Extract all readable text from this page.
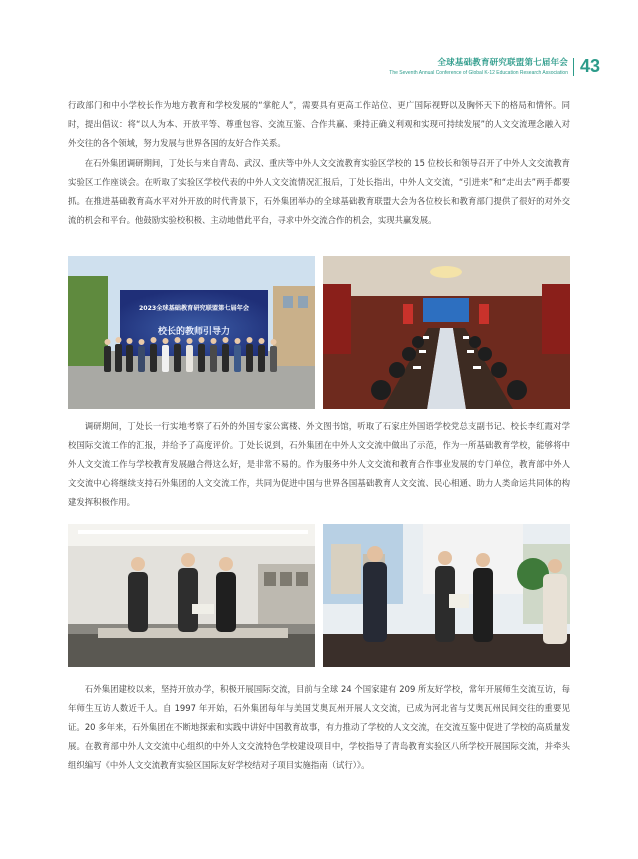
全球基础教育研究联盟第七届年会
The Seventh Annual Conference of Global K-12 Education Research Association 43

行政部门和中小学校长作为地方教育和学校发展的“掌舵人”，需要具有更高工作站位、更广国际视野以及胸怀天下的格局和情怀。同时，提出倡议：将“以人为本、开放平等、尊重包容、交流互鉴、合作共赢、秉持正确义利观和实现可持续发展”的人文交流理念融入对外交往的各个领域，努力发展与世界各国的友好合作关系。

在石外集团调研期间，丁处长与来自青岛、武汉、重庆等中外人文交流教育实验区学校的 15 位校长和领导召开了中外人文交流教育实验区工作座谈会。在听取了实验区学校代表的中外人文交流情况汇报后，丁处长指出，中外人文交流，“引进来”和“走出去”两手都要抓。在推进基础教育高水平对外开放的时代背景下，石外集团举办的全球基础教育联盟大会为各位校长和教育部门提供了很好的对外交流的机会和平台。他鼓励实验校积极、主动地借此平台，寻求中外交流合作的机会，实现共赢发展。

2023全球基础教育研究联盟第七届年会
校长的教师引导力

调研期间，丁处长一行实地考察了石外的外国专家公寓楼、外文图书馆，听取了石家庄外国语学校党总支副书记、校长李红霞对学校国际交流工作的汇报，并给予了高度评价。丁处长说到，石外集团在中外人文交流中做出了示范，作为一所基础教育学校，能够将中外人文交流工作与学校教育发展融合得这么好，是非常不易的。作为服务中外人文交流和教育合作事业发展的专门单位，教育部中外人文交流中心将继续支持石外集团的人文交流工作，共同为促进中国与世界各国基础教育人文交流、民心相通、助力人类命运共同体的构建发挥积极作用。

石外集团建校以来，坚持开放办学，积极开展国际交流，目前与全球 24 个国家建有 209 所友好学校，常年开展师生交流互访，每年师生互访人数近千人。自 1997 年开始，石外集团每年与美国艾奥瓦州开展人文交流，已成为河北省与艾奥瓦州民间交往的重要见证。20 多年来，石外集团在不断地探索和实践中讲好中国教育故事，有力推动了学校的人文交流，在交流互鉴中促进了学校的高质量发展。在教育部中外人文交流中心组织的中外人文交流特色学校建设项目中，学校指导了青岛教育实验区八所学校开展国际交流，并牵头组织编写《中外人文交流教育实验区国际友好学校结对子项目实施指南（试行）》。
